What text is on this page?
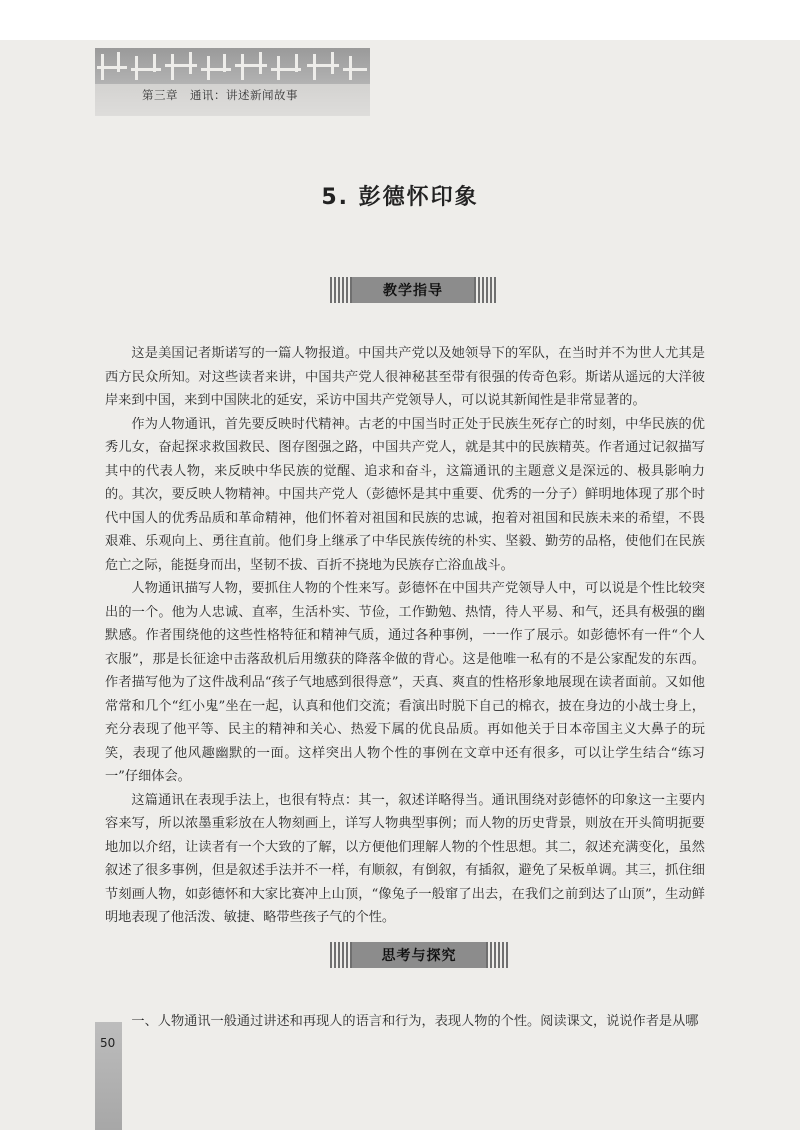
第三章　通讯：讲述新闻故事
5. 彭德怀印象
教学指导

这是美国记者斯诺写的一篇人物报道。中国共产党以及她领导下的军队，在当时并不为世人尤其是西方民众所知。对这些读者来讲，中国共产党人很神秘甚至带有很强的传奇色彩。斯诺从遥远的大洋彼岸来到中国，来到中国陕北的延安，采访中国共产党领导人，可以说其新闻性是非常显著的。

作为人物通讯，首先要反映时代精神。古老的中国当时正处于民族生死存亡的时刻，中华民族的优秀儿女，奋起探求救国救民、图存图强之路，中国共产党人，就是其中的民族精英。作者通过记叙描写其中的代表人物，来反映中华民族的觉醒、追求和奋斗，这篇通讯的主题意义是深远的、极具影响力的。其次，要反映人物精神。中国共产党人（彭德怀是其中重要、优秀的一分子）鲜明地体现了那个时代中国人的优秀品质和革命精神，他们怀着对祖国和民族的忠诚，抱着对祖国和民族未来的希望，不畏艰难、乐观向上、勇往直前。他们身上继承了中华民族传统的朴实、坚毅、勤劳的品格，使他们在民族危亡之际，能挺身而出，坚韧不拔、百折不挠地为民族存亡浴血战斗。

人物通讯描写人物，要抓住人物的个性来写。彭德怀在中国共产党领导人中，可以说是个性比较突出的一个。他为人忠诚、直率，生活朴实、节俭，工作勤勉、热情，待人平易、和气，还具有极强的幽默感。作者围绕他的这些性格特征和精神气质，通过各种事例，一一作了展示。如彭德怀有一件“个人衣服”，那是长征途中击落敌机后用缴获的降落伞做的背心。这是他唯一私有的不是公家配发的东西。作者描写他为了这件战利品“孩子气地感到很得意”，天真、爽直的性格形象地展现在读者面前。又如他常常和几个“红小鬼”坐在一起，认真和他们交流；看演出时脱下自己的棉衣，披在身边的小战士身上，充分表现了他平等、民主的精神和关心、热爱下属的优良品质。再如他关于日本帝国主义大鼻子的玩笑，表现了他风趣幽默的一面。这样突出人物个性的事例在文章中还有很多，可以让学生结合“练习一”仔细体会。

这篇通讯在表现手法上，也很有特点：其一，叙述详略得当。通讯围绕对彭德怀的印象这一主要内容来写，所以浓墨重彩放在人物刻画上，详写人物典型事例；而人物的历史背景，则放在开头简明扼要地加以介绍，让读者有一个大致的了解，以方便他们理解人物的个性思想。其二，叙述充满变化，虽然叙述了很多事例，但是叙述手法并不一样，有顺叙，有倒叙，有插叙，避免了呆板单调。其三，抓住细节刻画人物，如彭德怀和大家比赛冲上山顶，“像兔子一般窜了出去，在我们之前到达了山顶”，生动鲜明地表现了他活泼、敏捷、略带些孩子气的个性。

思考与探究

一、人物通讯一般通过讲述和再现人的语言和行为，表现人物的个性。阅读课文，说说作者是从哪

50
